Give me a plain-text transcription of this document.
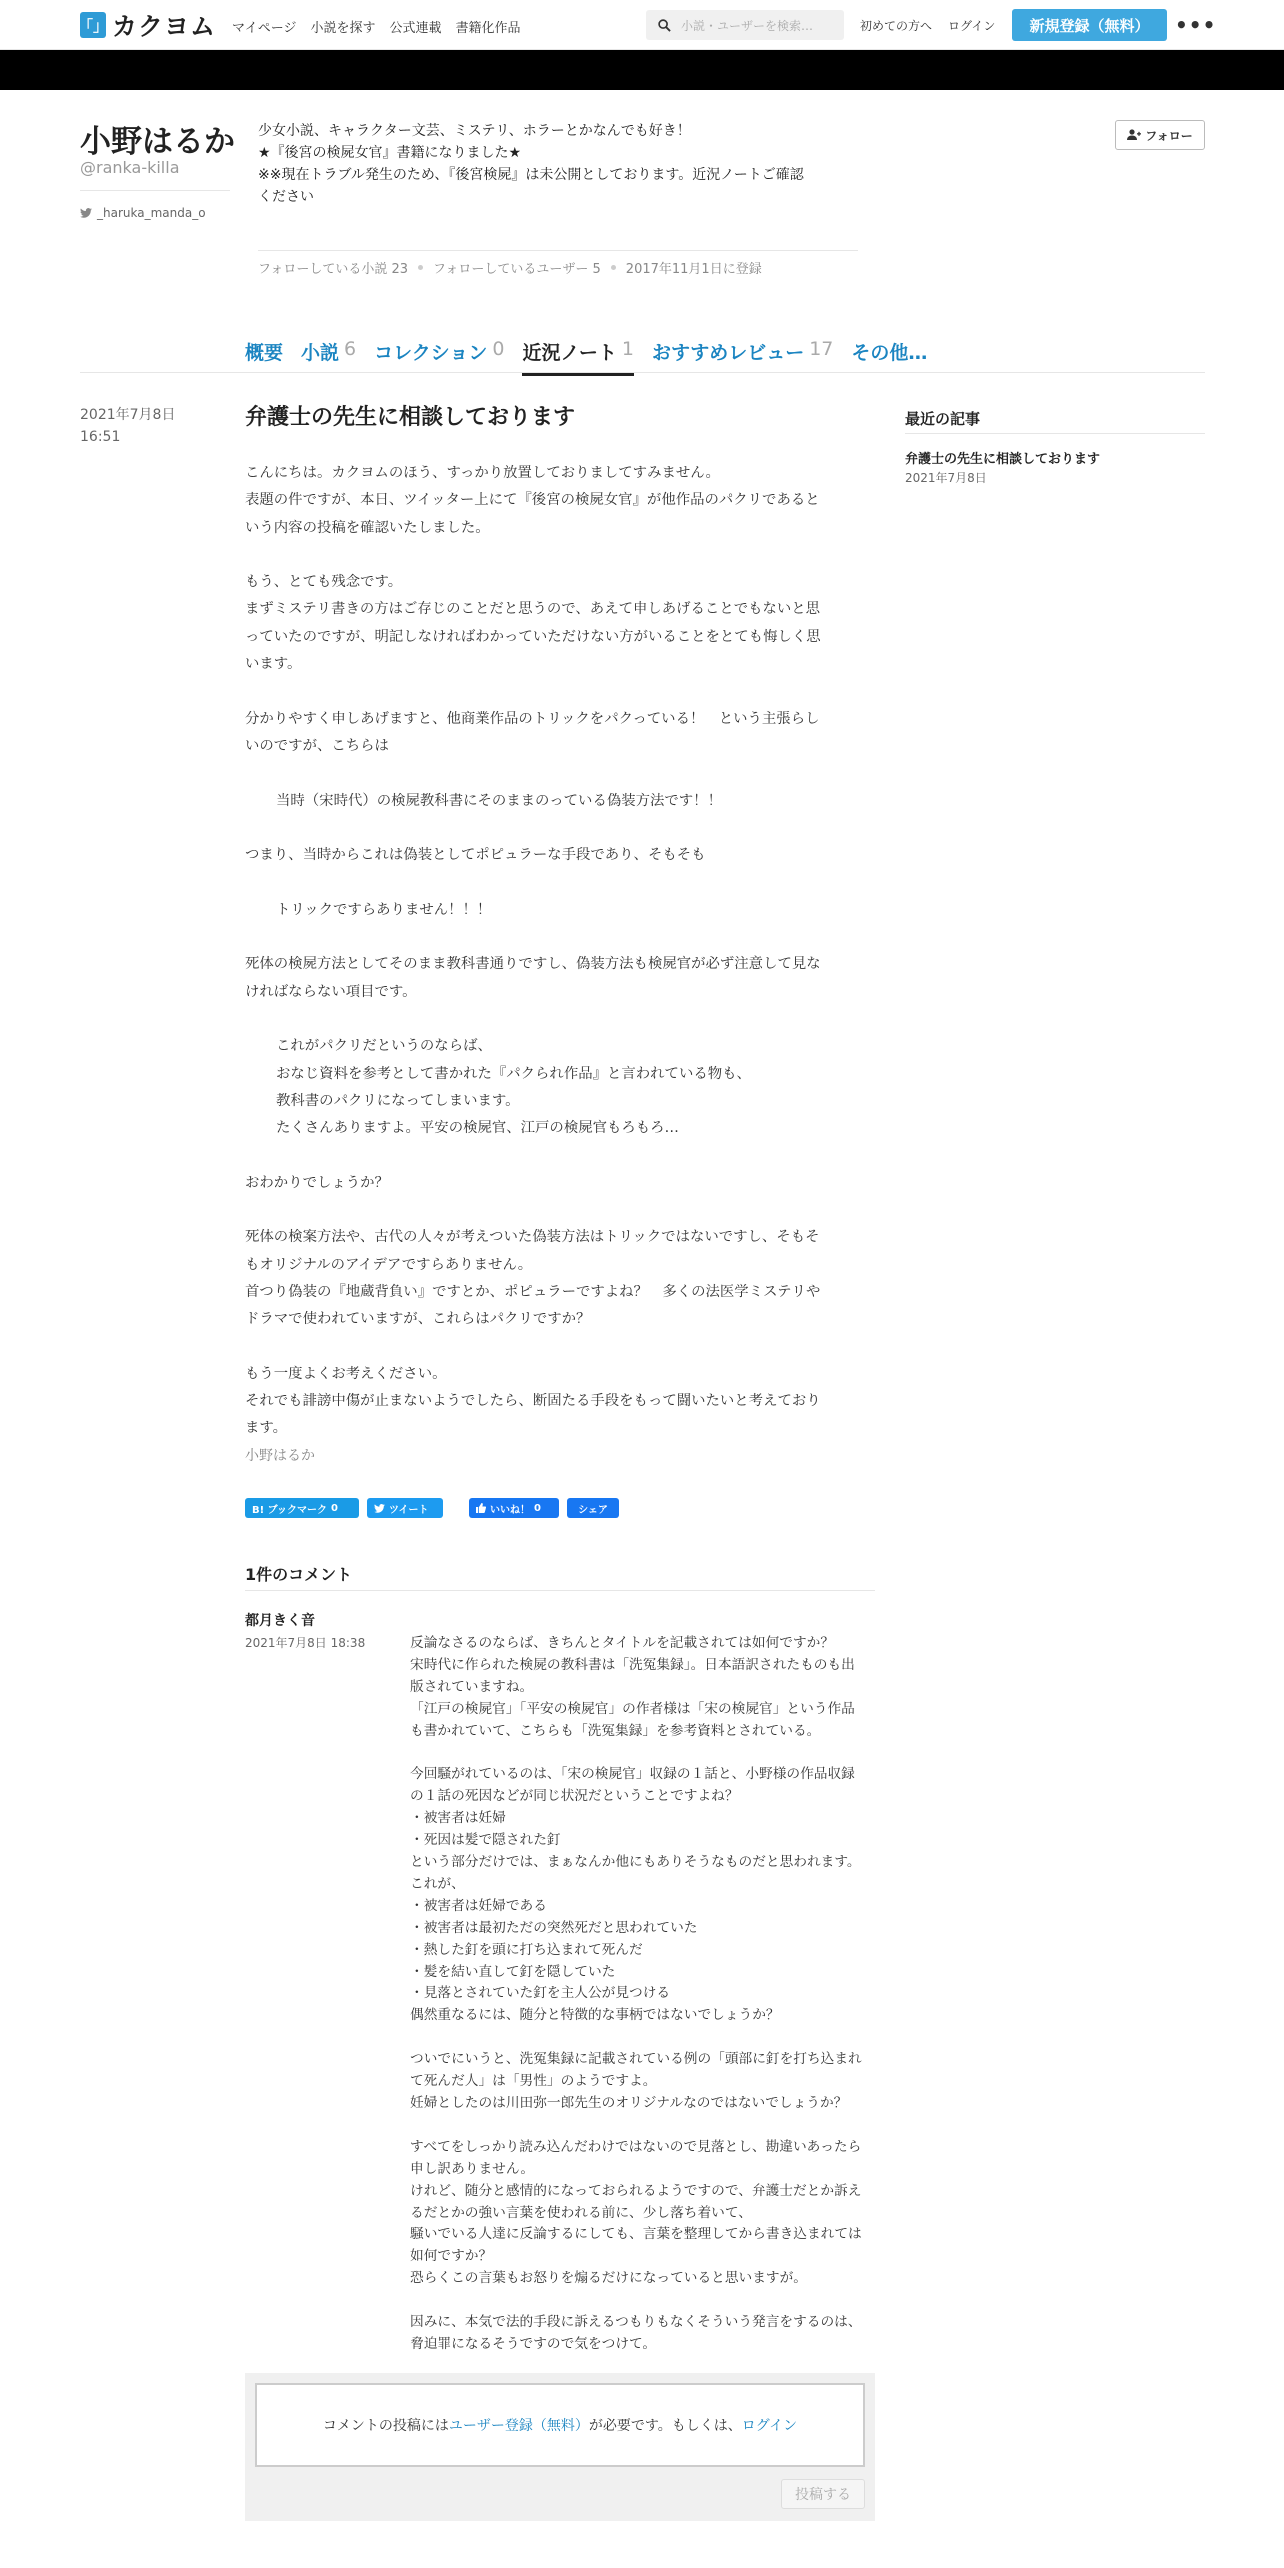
「」 カクヨム マイページ 小説を探す 公式連載 書籍化作品	小説・ユーザーを検索…	初めての方へ ログイン	新規登録（無料）	•••
小野はるか
@ranka-killa
_haruka_manda_o
少女小説、キャラクター文芸、ミステリ、ホラーとかなんでも好き！
★『後宮の検屍女官』書籍になりました★
※※現在トラブル発生のため、『後宮検屍』は未公開としております。近況ノートご確認
ください
フォローしている小説 23 フォローしているユーザー 5 2017年11月1日に登録
フォロー
概要 小説 6 コレクション 0 近況ノート 1 おすすめレビュー 17 その他…
2021年7月8日
16:51
弁護士の先生に相談しております

こんにちは。カクヨムのほう、すっかり放置しておりましてすみません。

表題の件ですが、本日、ツイッター上にて『後宮の検屍女官』が他作品のパクリであると

いう内容の投稿を確認いたしました。

もう、とても残念です。

まずミステリ書きの方はご存じのことだと思うので、あえて申しあげることでもないと思

っていたのですが、明記しなければわかっていただけない方がいることをとても悔しく思

います。

分かりやすく申しあげますと、他商業作品のトリックをパクっている！　という主張らし

いのですが、こちらは

当時（宋時代）の検屍教科書にそのままのっている偽装方法です！！

つまり、当時からこれは偽装としてポピュラーな手段であり、そもそも

トリックですらありません！！！

死体の検屍方法としてそのまま教科書通りですし、偽装方法も検屍官が必ず注意して見な

ければならない項目です。

これがパクリだというのならば、

おなじ資料を参考として書かれた『パクられ作品』と言われている物も、

教科書のパクリになってしまいます。

たくさんありますよ。平安の検屍官、江戸の検屍官もろもろ…

おわかりでしょうか？

死体の検案方法や、古代の人々が考えついた偽装方法はトリックではないですし、そもそ

もオリジナルのアイデアですらありません。

首つり偽装の『地蔵背負い』ですとか、ポピュラーですよね？　多くの法医学ミステリや

ドラマで使われていますが、これらはパクリですか？

もう一度よくお考えください。

それでも誹謗中傷が止まないようでしたら、断固たる手段をもって闘いたいと考えており

ます。

小野はるか
B! ブックマーク 0	ツイート	いいね！ 0	シェア
1件のコメント
都月きく音
2021年7月8日 18:38	反論なさるのならば、きちんとタイトルを記載されては如何ですか？

宋時代に作られた検屍の教科書は「洗冤集録」。日本語訳されたものも出

版されていますね。

「江戸の検屍官」「平安の検屍官」の作者様は「宋の検屍官」という作品

も書かれていて、こちらも「洗冤集録」を参考資料とされている。

今回騒がれているのは、「宋の検屍官」収録の１話と、小野様の作品収録

の１話の死因などが同じ状況だということですよね？

・被害者は妊婦

・死因は髪で隠された釘

という部分だけでは、まぁなんか他にもありそうなものだと思われます。

これが、

・被害者は妊婦である

・被害者は最初ただの突然死だと思われていた

・熱した釘を頭に打ち込まれて死んだ

・髪を結い直して釘を隠していた

・見落とされていた釘を主人公が見つける

偶然重なるには、随分と特徴的な事柄ではないでしょうか？

ついでにいうと、洗冤集録に記載されている例の「頭部に釘を打ち込まれ

て死んだ人」は「男性」のようですよ。

妊婦としたのは川田弥一郎先生のオリジナルなのではないでしょうか？

すべてをしっかり読み込んだわけではないので見落とし、勘違いあったら

申し訳ありません。

けれど、随分と感情的になっておられるようですので、弁護士だとか訴え

るだとかの強い言葉を使われる前に、少し落ち着いて、

騒いでいる人達に反論するにしても、言葉を整理してから書き込まれては

如何ですか？

恐らくこの言葉もお怒りを煽るだけになっていると思いますが。

因みに、本気で法的手段に訴えるつもりもなくそういう発言をするのは、

脅迫罪になるそうですので気をつけて。

コメントの投稿には ユーザー登録（無料） が必要です。もしくは、 ログイン
投稿する
最近の記事
弁護士の先生に相談しております
2021年7月8日
